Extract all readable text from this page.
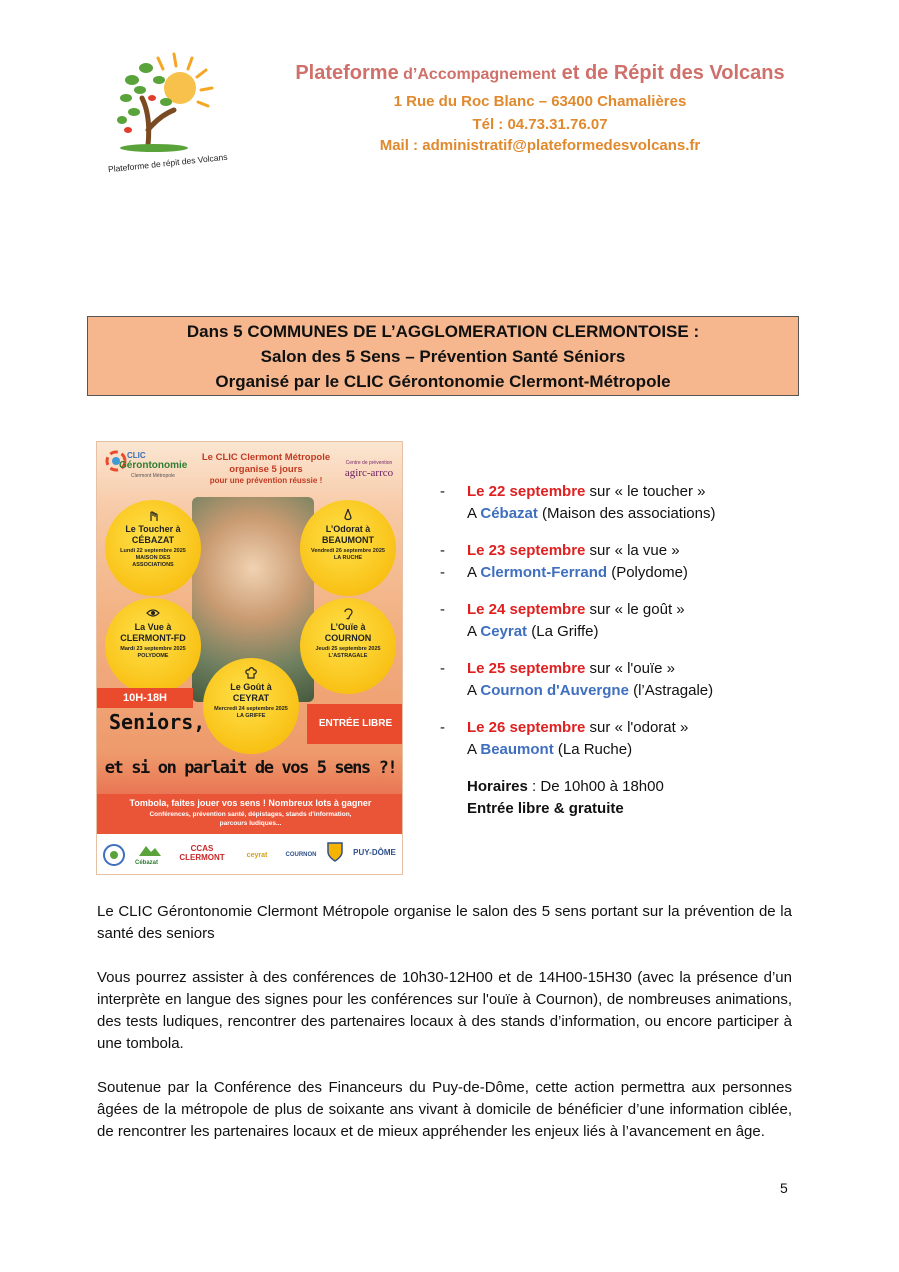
Plateforme de répit des Volcans
Plateforme d’Accompagnement et de Répit des Volcans
1 Rue du Roc Blanc – 63400 Chamalières
Tél : 04.73.31.76.07
Mail : administratif@plateformedesvolcans.fr
Dans 5 COMMUNES DE L’AGGLOMERATION CLERMONTOISE :
Salon des 5 Sens – Prévention Santé Séniors
Organisé par le CLIC Gérontonomie Clermont-Métropole
CLIC
Gérontonomie
Clermont Métropole
Le CLIC Clermont Métropole
organise 5 jours
pour une prévention réussie !
Centre de prévention
agirc-arrco
Le Toucher à CÉBAZAT
Lundi 22 septembre 2025 MAISON DES ASSOCIATIONS
L’Odorat à BEAUMONT
Vendredi 26 septembre 2025 LA RUCHE
La Vue à CLERMONT-FD
Mardi 23 septembre 2025 POLYDOME
L’Ouïe à COURNON
Jeudi 25 septembre 2025 L'ASTRAGALE
Le Goût à CEYRAT
Mercredi 24 septembre 2025 LA GRIFFE
10H-18H
ENTRÉE LIBRE
Seniors,
et si on parlait de vos 5 sens ?!
Tombola, faites jouer vos sens ! Nombreux lots à gagner
Conférences, prévention santé, dépistages, stands d'information,
parcours ludiques...
Cébazat
CCAS CLERMONT	ceyrat	COURNON	PUY-DÔME
- Le 22 septembre sur « le toucher »
A Cébazat (Maison des associations)
- Le 23 septembre sur « la vue »
- A Clermont-Ferrand (Polydome)
- Le 24 septembre sur « le goût »
A Ceyrat (La Griffe)
- Le 25 septembre sur « l'ouïe »
A Cournon d'Auvergne (l’Astragale)
- Le 26 septembre sur « l'odorat »
A Beaumont (La Ruche)
Horaires : De 10h00 à 18h00
Entrée libre & gratuite
Le CLIC Gérontonomie Clermont Métropole organise le salon des 5 sens portant sur la prévention de la santé des seniors
Vous pourrez assister à des conférences de 10h30-12H00 et de 14H00-15H30 (avec la présence d’un interprète en langue des signes pour les conférences sur l'ouïe à Cournon), de nombreuses animations, des tests ludiques, rencontrer des partenaires locaux à des stands d’information, ou encore participer à une tombola.
Soutenue par la Conférence des Financeurs du Puy-de-Dôme, cette action permettra aux personnes âgées de la métropole de plus de soixante ans vivant à domicile de bénéficier d’une information ciblée, de rencontrer les partenaires locaux et de mieux appréhender les enjeux liés à l’avancement en âge.
5
